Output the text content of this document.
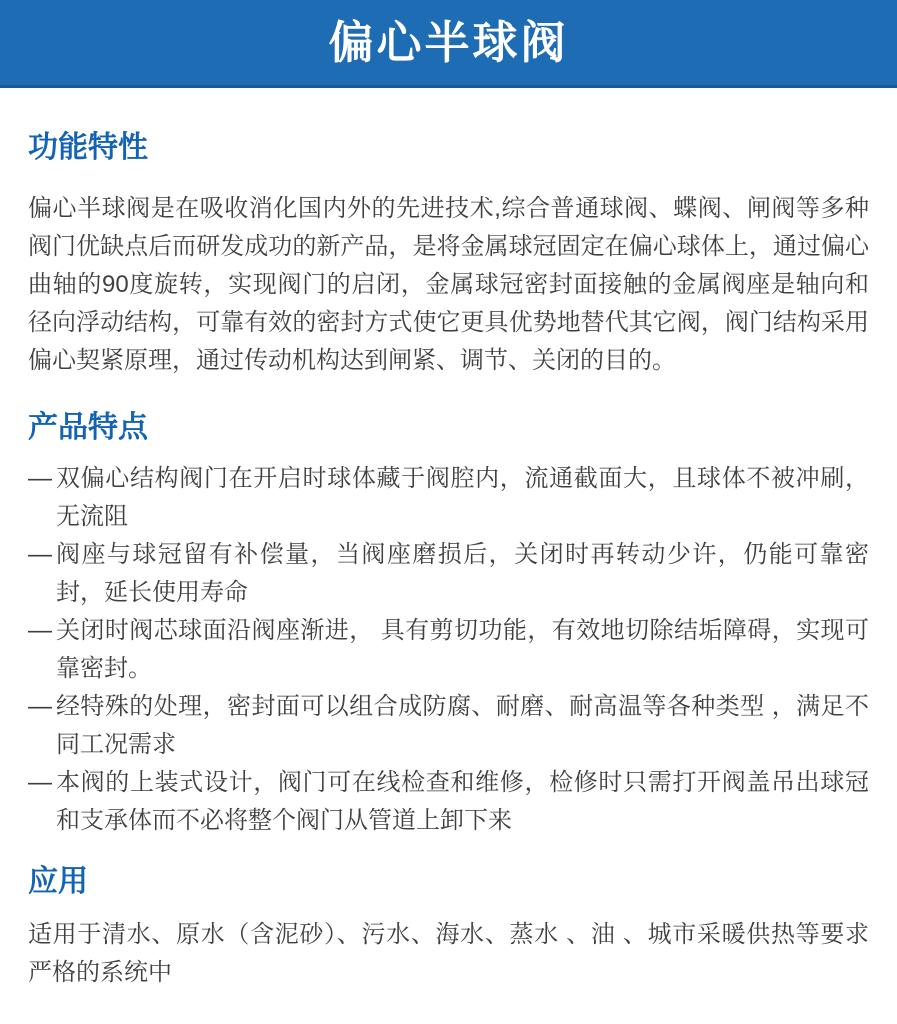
偏心半球阀
功能特性

偏心半球阀是在吸收消化国内外的先进技术,综合普通球阀、蝶阀、闸阀等多种阀门优缺点后而研发成功的新产品，是将金属球冠固定在偏心球体上，通过偏心曲轴的90度旋转，实现阀门的启闭，金属球冠密封面接触的金属阀座是轴向和径向浮动结构，可靠有效的密封方式使它更具优势地替代其它阀，阀门结构采用偏心契紧原理，通过传动机构达到闸紧、调节、关闭的目的。

产品特点
— 双偏心结构阀门在开启时球体藏于阀腔内，流通截面大，且球体不被冲刷，无流阻
— 阀座与球冠留有补偿量，当阀座磨损后，关闭时再转动少许，仍能可靠密封，延长使用寿命
— 关闭时阀芯球面沿阀座渐进， 具有剪切功能，有效地切除结垢障碍，实现可靠密封。
— 经特殊的处理，密封面可以组合成防腐、耐磨、耐高温等各种类型 ，满足不同工况需求
— 本阀的上装式设计，阀门可在线检查和维修，检修时只需打开阀盖吊出球冠和支承体而不必将整个阀门从管道上卸下来
应用

适用于清水、原水（含泥砂）、污水、海水、蒸水 、油 、城市采暖供热等要求严格的系统中
